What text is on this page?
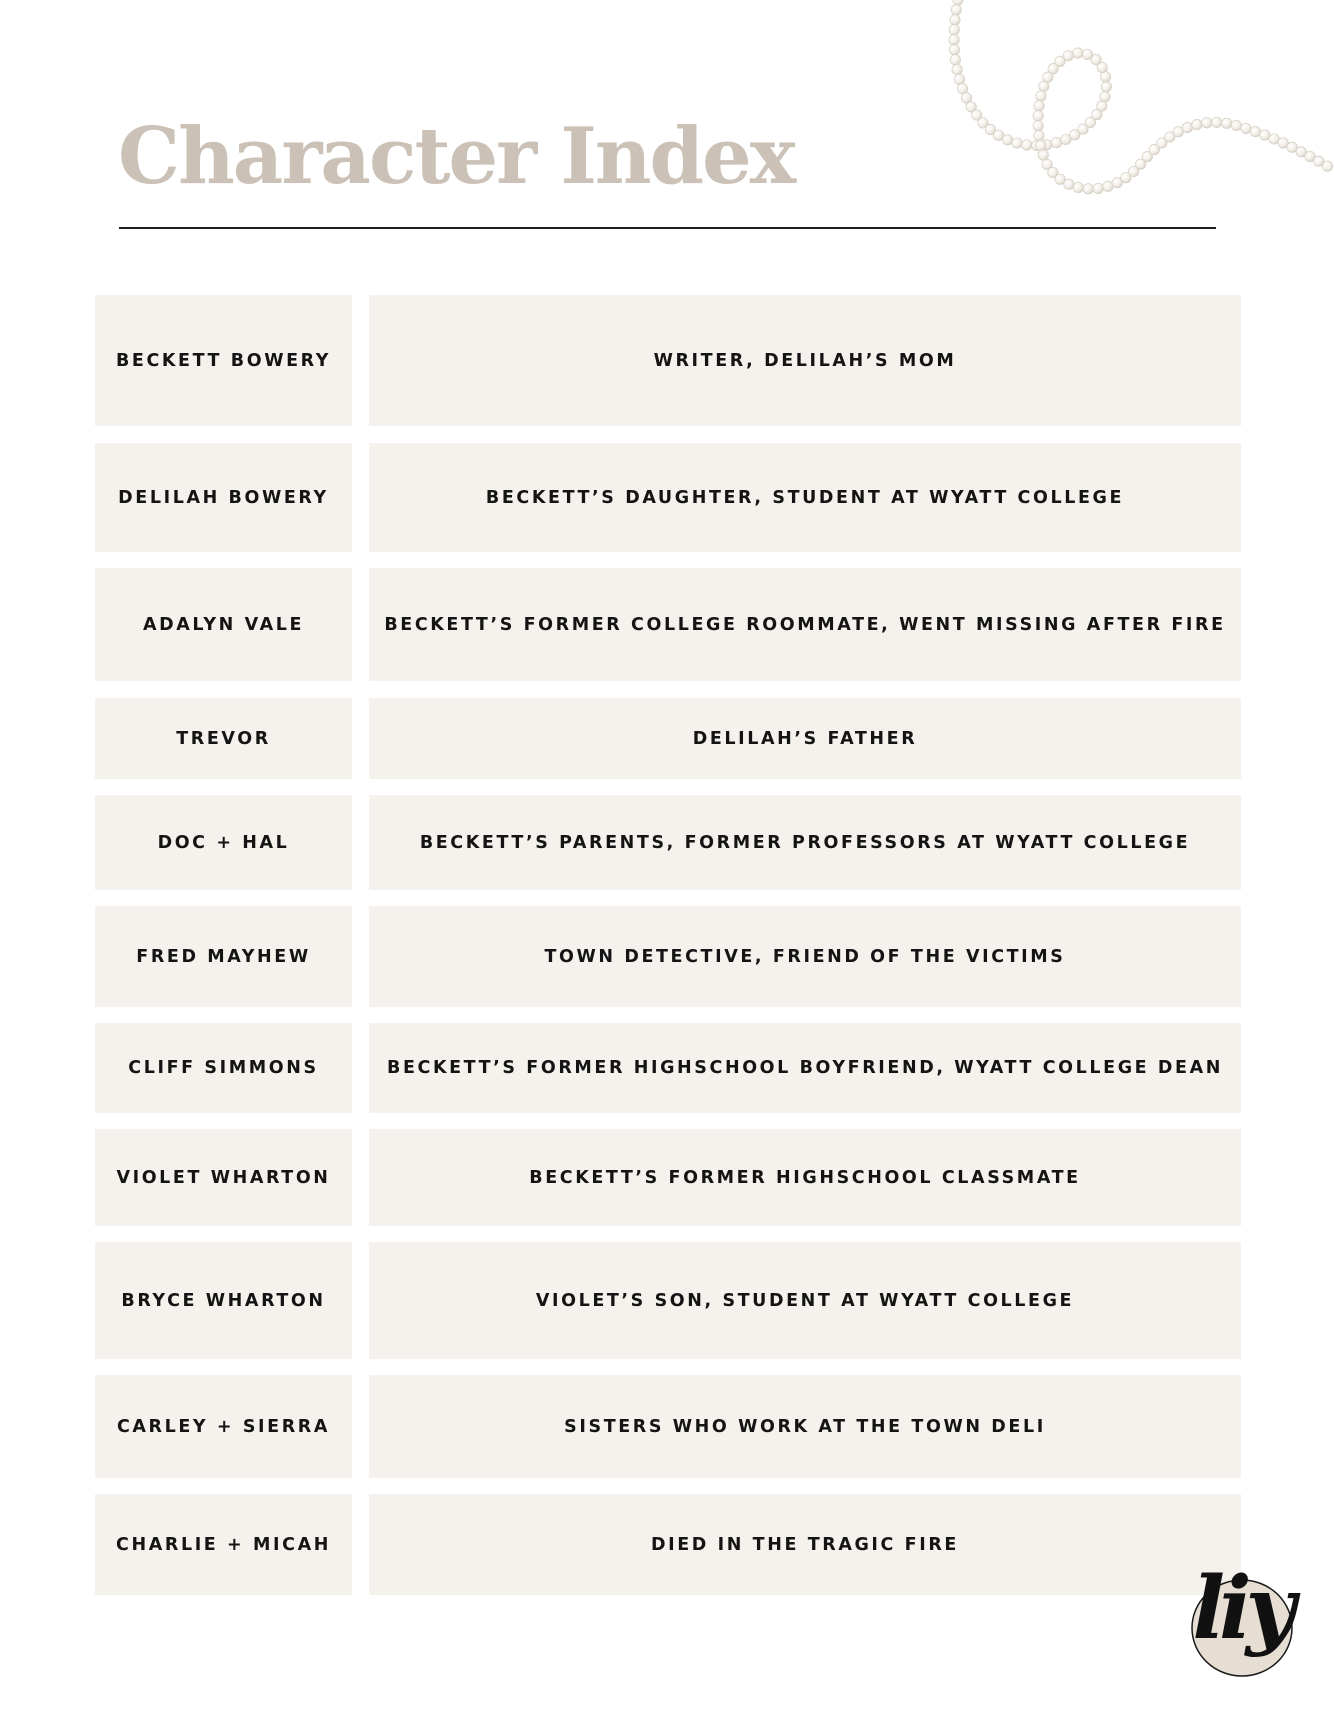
Character Index
BECKETT BOWERY	WRITER, DELILAH’S MOM
DELILAH BOWERY	BECKETT’S DAUGHTER, STUDENT AT WYATT COLLEGE
ADALYN VALE	BECKETT’S FORMER COLLEGE ROOMMATE, WENT MISSING AFTER FIRE
TREVOR	DELILAH’S FATHER
DOC + HAL	BECKETT’S PARENTS, FORMER PROFESSORS AT WYATT COLLEGE
FRED MAYHEW	TOWN DETECTIVE, FRIEND OF THE VICTIMS
CLIFF SIMMONS	BECKETT’S FORMER HIGHSCHOOL BOYFRIEND, WYATT COLLEGE DEAN
VIOLET WHARTON	BECKETT’S FORMER HIGHSCHOOL CLASSMATE
BRYCE WHARTON	VIOLET’S SON, STUDENT AT WYATT COLLEGE
CARLEY + SIERRA	SISTERS WHO WORK AT THE TOWN DELI
CHARLIE + MICAH	DIED IN THE TRAGIC FIRE
liy
